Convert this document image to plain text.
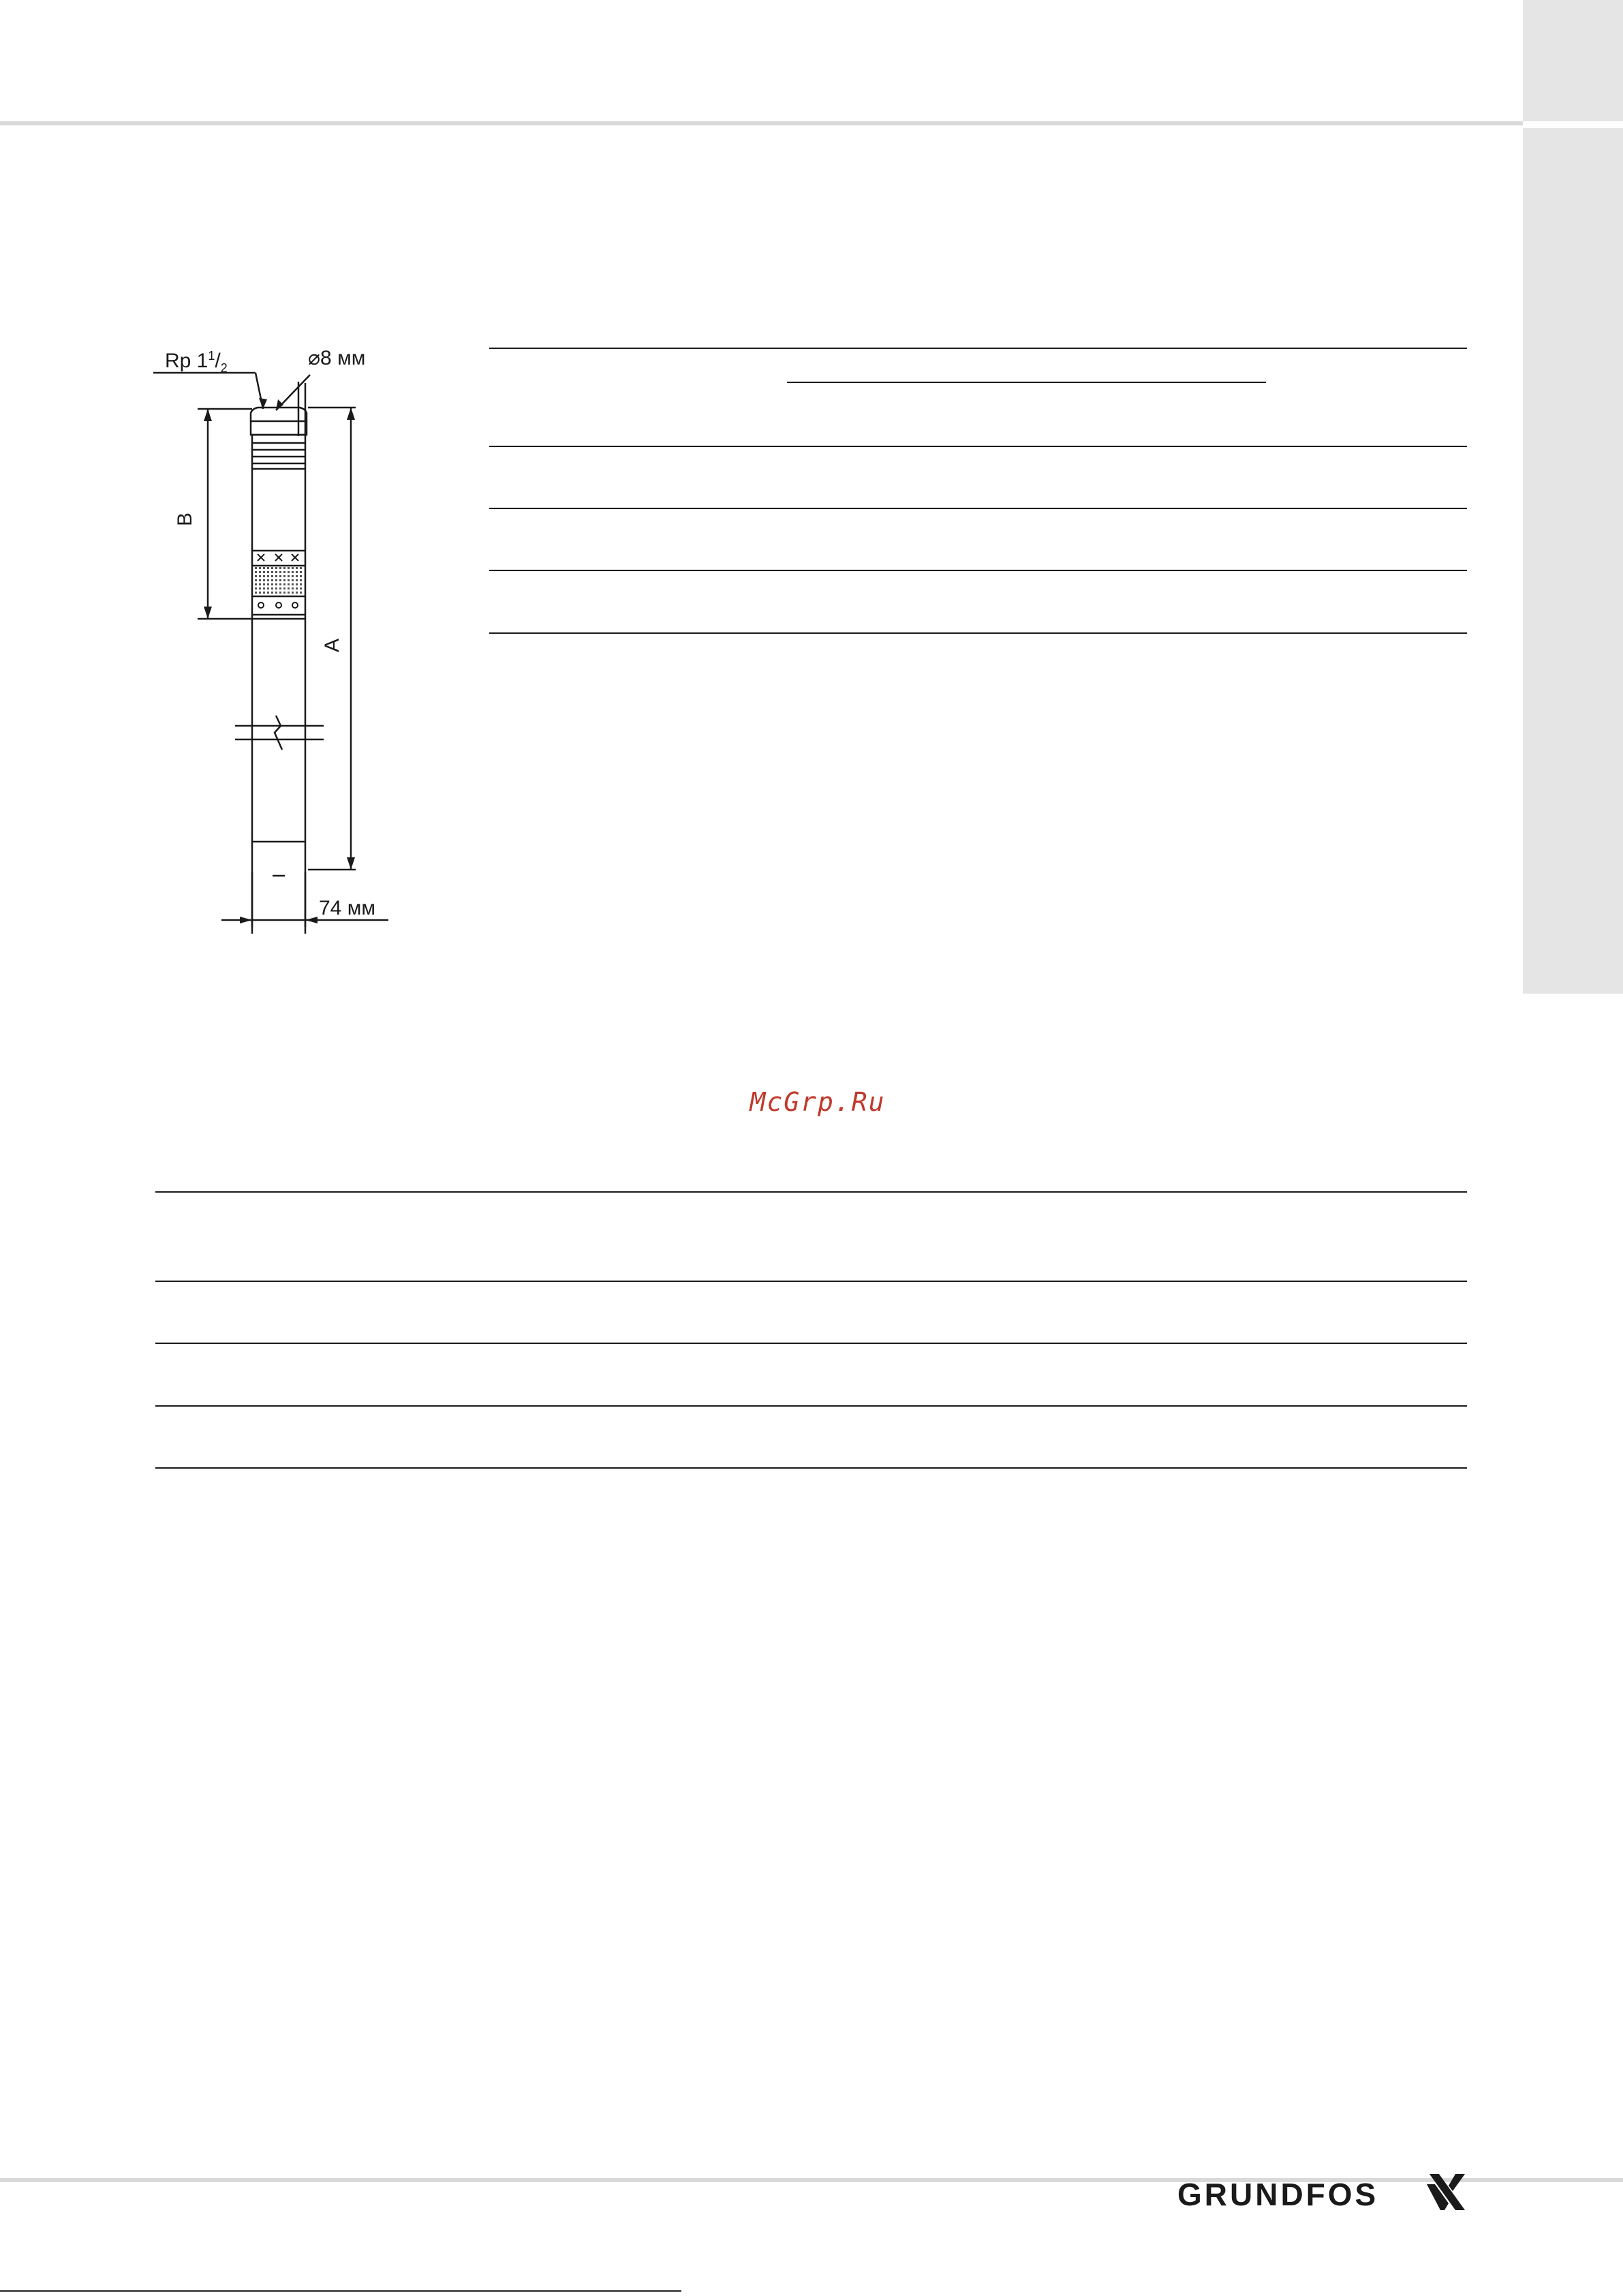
Rp $1^1/_2$	⌀8 мм
B
A
74 мм
McGrp.Ru
GRUNDFOS
